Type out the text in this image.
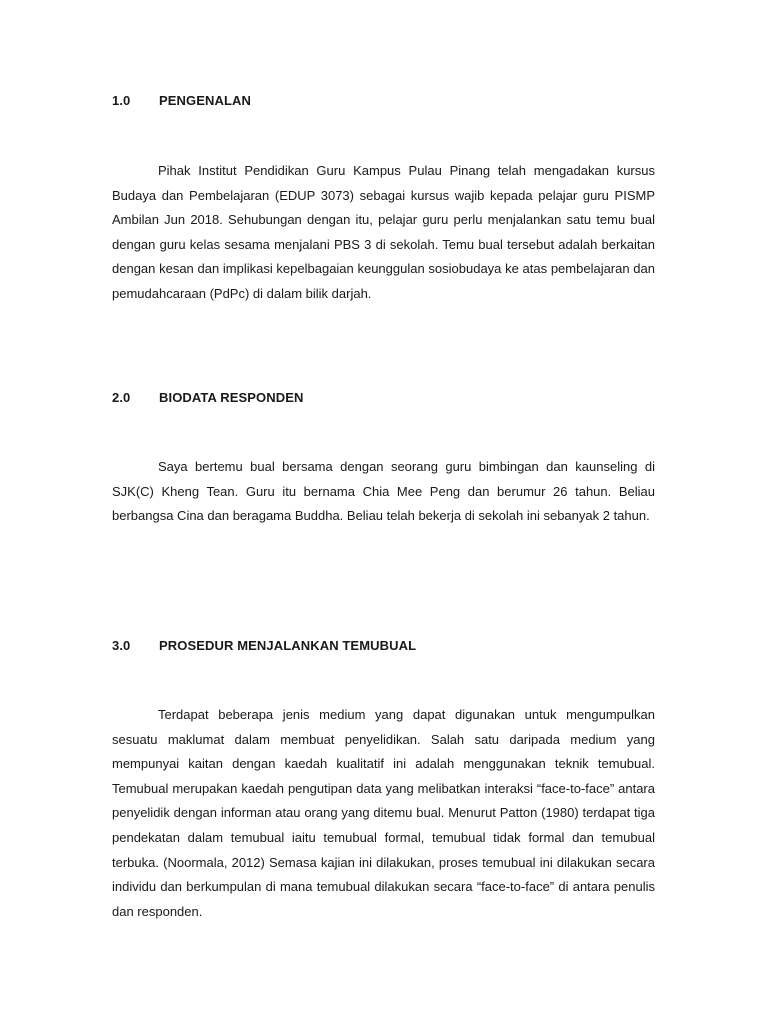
1.0 PENGENALAN

Pihak Institut Pendidikan Guru Kampus Pulau Pinang telah mengadakan kursus Budaya dan Pembelajaran (EDUP 3073) sebagai kursus wajib kepada pelajar guru PISMP Ambilan Jun 2018. Sehubungan dengan itu, pelajar guru perlu menjalankan satu temu bual dengan guru kelas sesama menjalani PBS 3 di sekolah. Temu bual tersebut adalah berkaitan dengan kesan dan implikasi kepelbagaian keunggulan sosiobudaya ke atas pembelajaran dan pemudahcaraan (PdPc) di dalam bilik darjah.

2.0 BIODATA RESPONDEN

Saya bertemu bual bersama dengan seorang guru bimbingan dan kaunseling di SJK(C) Kheng Tean. Guru itu bernama Chia Mee Peng dan berumur 26 tahun. Beliau berbangsa Cina dan beragama Buddha. Beliau telah bekerja di sekolah ini sebanyak 2 tahun.

3.0 PROSEDUR MENJALANKAN TEMUBUAL

Terdapat beberapa jenis medium yang dapat digunakan untuk mengumpulkan sesuatu maklumat dalam membuat penyelidikan. Salah satu daripada medium yang mempunyai kaitan dengan kaedah kualitatif ini adalah menggunakan teknik temubual. Temubual merupakan kaedah pengutipan data yang melibatkan interaksi “face-to-face” antara penyelidik dengan informan atau orang yang ditemu bual. Menurut Patton (1980) terdapat tiga pendekatan dalam temubual iaitu temubual formal, temubual tidak formal dan temubual terbuka. (Noormala, 2012) Semasa kajian ini dilakukan, proses temubual ini dilakukan secara individu dan berkumpulan di mana temubual dilakukan secara “face-to-face” di antara penulis dan responden.
